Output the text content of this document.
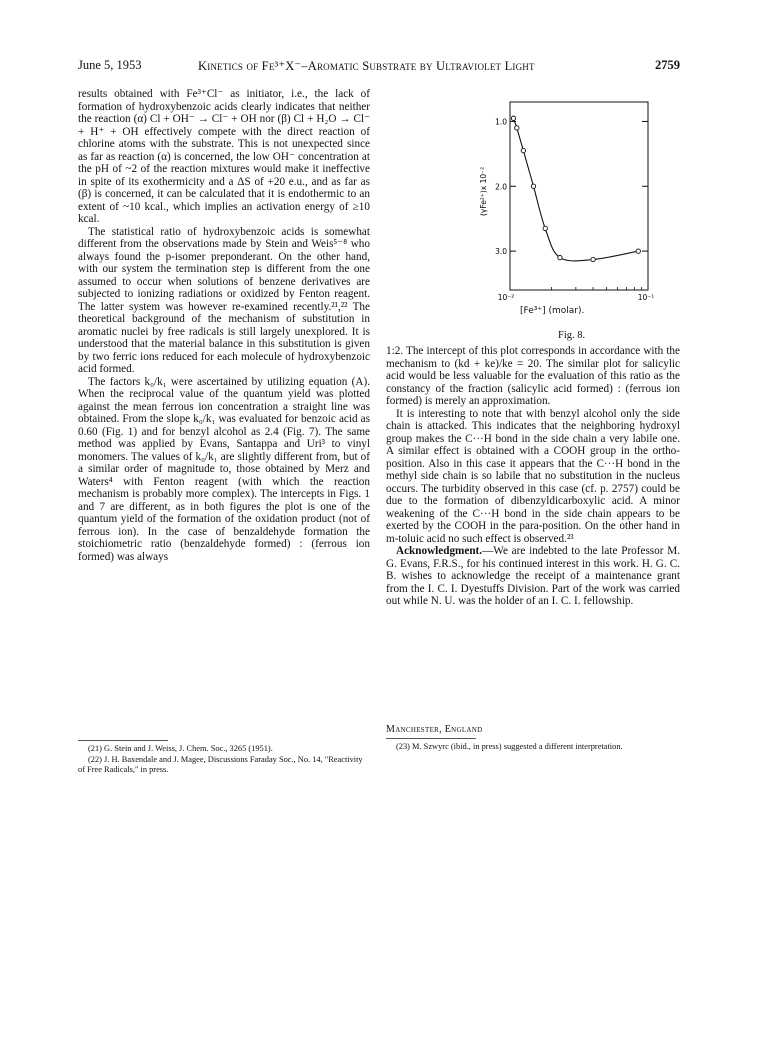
June 5, 1953	Kinetics of Fe³⁺X⁻–Aromatic Substrate by Ultraviolet Light	2759

results obtained with Fe³⁺Cl⁻ as initiator, i.e., the lack of formation of hydroxybenzoic acids clearly indicates that neither the reaction (α) Cl + OH⁻ → Cl⁻ + OH nor (β) Cl + H₂O → Cl⁻ + H⁺ + OH effectively compete with the direct reaction of chlorine atoms with the substrate. This is not unexpected since as far as reaction (α) is concerned, the low OH⁻ concentration at the pH of ~2 of the reaction mixtures would make it ineffective in spite of its exothermicity and a ΔS of +20 e.u., and as far as (β) is concerned, it can be calculated that it is endothermic to an extent of ~10 kcal., which implies an activation energy of ≥10 kcal.

The statistical ratio of hydroxybenzoic acids is somewhat different from the observations made by Stein and Weis⁵⁻⁸ who always found the p-isomer preponderant. On the other hand, with our system the termination step is different from the one assumed to occur when solutions of benzene derivatives are subjected to ionizing radiations or oxidized by Fenton reagent. The latter system was however re-examined recently.²¹,²² The theoretical background of the mechanism of substitution in aromatic nuclei by free radicals is still largely unexplored. It is understood that the material balance in this substitution is given by two ferric ions reduced for each molecule of hydroxybenzoic acid formed.

The factors k₀/k₁ were ascertained by utilizing equation (A). When the reciprocal value of the quantum yield was plotted against the mean ferrous ion concentration a straight line was obtained. From the slope k₀/k₁ was evaluated for benzoic acid as 0.60 (Fig. 1) and for benzyl alcohol as 2.4 (Fig. 7). The same method was applied by Evans, Santappa and Uri³ to vinyl monomers. The values of k₀/k₁ are slightly different from, but of a similar order of magnitude to, those obtained by Merz and Waters⁴ with Fenton reagent (with which the reaction mechanism is probably more complex). The intercepts in Figs. 1 and 7 are different, as in both figures the plot is one of the quantum yield of the formation of the oxidation product (not of ferrous ion). In the case of benzaldehyde formation the stoichiometric ratio (benzaldehyde formed) : (ferrous ion formed) was always

(21) G. Stein and J. Weiss, J. Chem. Soc., 3265 (1951).

(22) J. H. Baxendale and J. Magee, Discussions Faraday Soc., No. 14, "Reactivity of Free Radicals," in press.

(γFe²⁺)x 10⁻²
3.0
2.0
1.0
10⁻²	10⁻¹
[Fe³⁺] (molar).
Fig. 8.

1:2. The intercept of this plot corresponds in accordance with the mechanism to (kd + ke)/ke = 20. The similar plot for salicylic acid would be less valuable for the evaluation of this ratio as the constancy of the fraction (salicylic acid formed) : (ferrous ion formed) is merely an approximation.

It is interesting to note that with benzyl alcohol only the side chain is attacked. This indicates that the neighboring hydroxyl group makes the C···H bond in the side chain a very labile one. A similar effect is obtained with a COOH group in the ortho-position. Also in this case it appears that the C···H bond in the methyl side chain is so labile that no substitution in the nucleus occurs. The turbidity observed in this case (cf. p. 2757) could be due to the formation of dibenzyldicarboxylic acid. A minor weakening of the C···H bond in the side chain appears to be exerted by the COOH in the para-position. On the other hand in m-toluic acid no such effect is observed.²³

Acknowledgment.—We are indebted to the late Professor M. G. Evans, F.R.S., for his continued interest in this work. H. G. C. B. wishes to acknowledge the receipt of a maintenance grant from the I. C. I. Dyestuffs Division. Part of the work was carried out while N. U. was the holder of an I. C. I. fellowship.

Manchester, England

(23) M. Szwyrc (ibid., in press) suggested a different interpretation.
